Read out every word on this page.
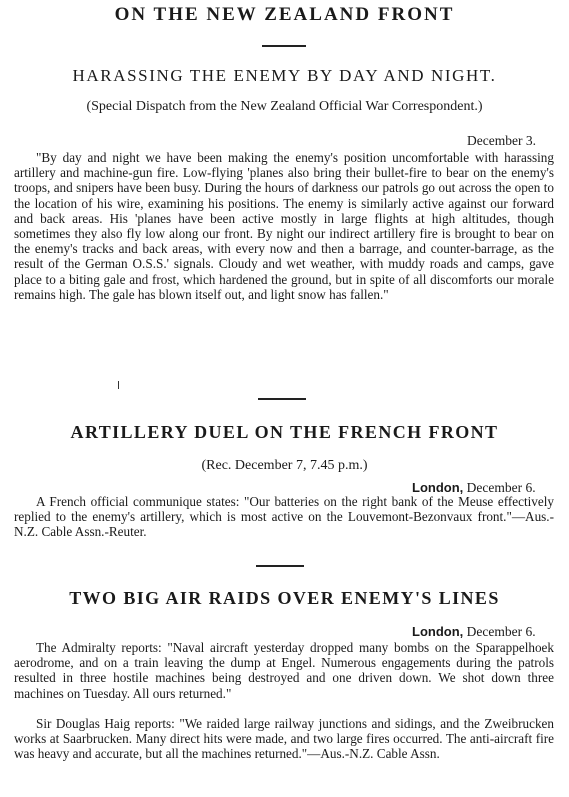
ON THE NEW ZEALAND FRONT
HARASSING THE ENEMY BY DAY AND NIGHT.
(Special Dispatch from the New Zealand Official War Correspondent.)
December 3.

"By day and night we have been making the enemy's position uncomfortable with harassing artillery and machine-gun fire. Low-flying 'planes also bring their bullet-fire to bear on the enemy's troops, and snipers have been busy. During the hours of darkness our patrols go out across the open to the location of his wire, examining his positions. The enemy is similarly active against our forward and back areas. His 'planes have been active mostly in large flights at high altitudes, though sometimes they also fly low along our front. By night our indirect artillery fire is brought to bear on the enemy's tracks and back areas, with every now and then a barrage, and counter-barrage, as the result of the German O.S.S.' signals. Cloudy and wet weather, with muddy roads and camps, gave place to a biting gale and frost, which hardened the ground, but in spite of all discomforts our morale remains high. The gale has blown itself out, and light snow has fallen."

ARTILLERY DUEL ON THE FRENCH FRONT
(Rec. December 7, 7.45 p.m.)
London, December 6.

A French official communique states: "Our batteries on the right bank of the Meuse effectively replied to the enemy's artillery, which is most active on the Louvemont-Bezonvaux front."—Aus.-N.Z. Cable Assn.-Reuter.

TWO BIG AIR RAIDS OVER ENEMY'S LINES
London, December 6.

The Admiralty reports: "Naval aircraft yesterday dropped many bombs on the Sparappelhoek aerodrome, and on a train leaving the dump at Engel. Numerous engagements during the patrols resulted in three hostile machines being destroyed and one driven down. We shot down three machines on Tuesday. All ours returned."

Sir Douglas Haig reports: "We raided large railway junctions and sidings, and the Zweibrucken works at Saarbrucken. Many direct hits were made, and two large fires occurred. The anti-aircraft fire was heavy and accurate, but all the machines returned."—Aus.-N.Z. Cable Assn.
